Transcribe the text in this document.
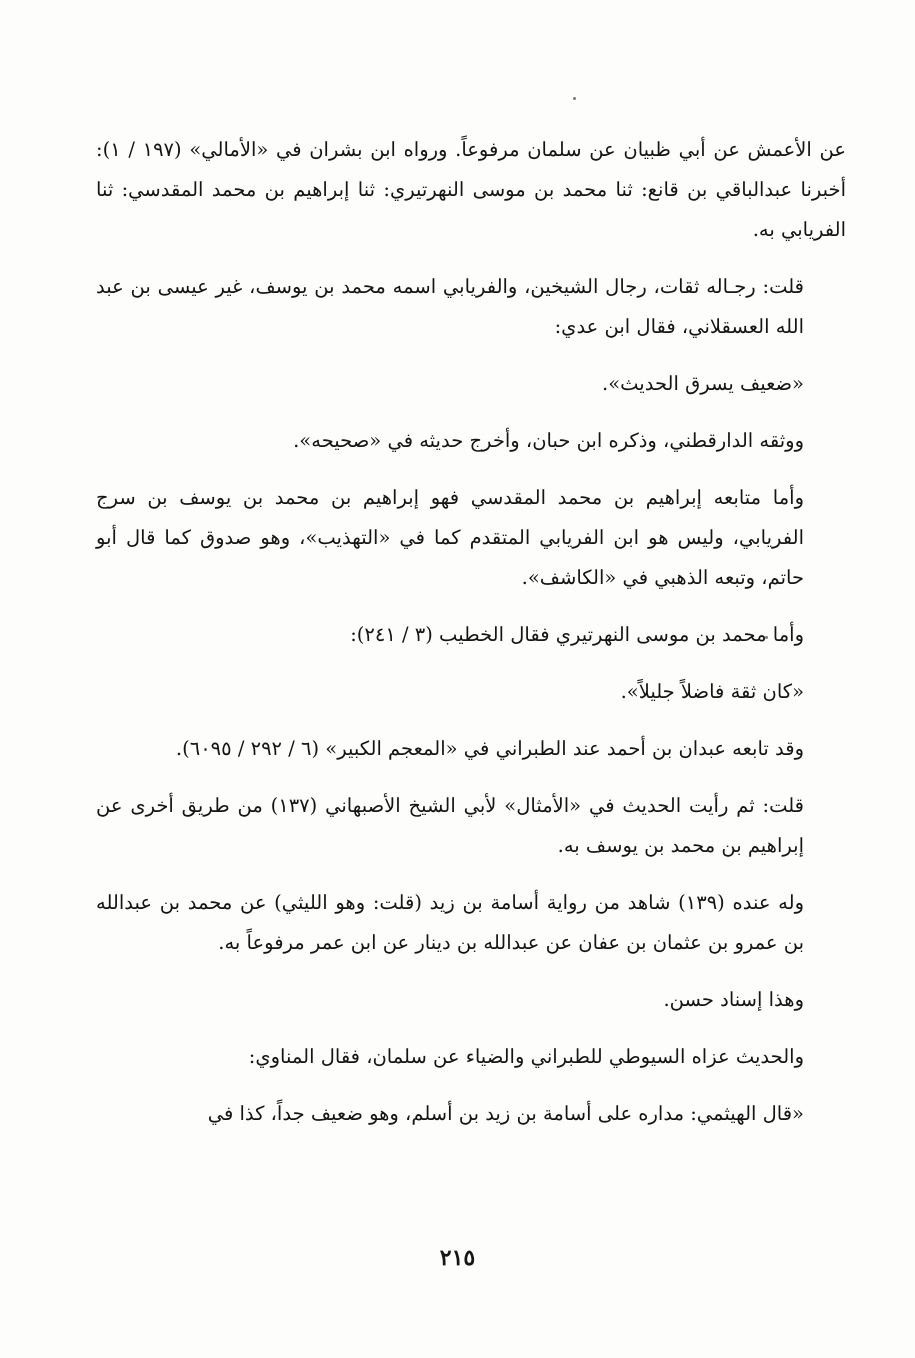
عن الأعمش عن أبي ظبيان عن سلمان مرفوعاً. ورواه ابن بشران في «الأمالي» (١٩٧ / ١): أخبرنا عبدالباقي بن قانع: ثنا محمد بن موسى النهرتيري: ثنا إبراهيم بن محمد المقدسي: ثنا الفريابي به.

قلت: رجـاله ثقات، رجال الشيخين، والفريابي اسمه محمد بن يوسف، غير عيسى بن عبد الله العسقلاني، فقال ابن عدي:

«ضعيف يسرق الحديث».

ووثقه الدارقطني، وذكره ابن حبان، وأخرج حديثه في «صحيحه».

وأما متابعه إبراهيم بن محمد المقدسي فهو إبراهيم بن محمد بن يوسف بن سرج الفريابي، وليس هو ابن الفريابي المتقدم كما في «التهذيب»، وهو صدوق كما قال أبو حاتم، وتبعه الذهبي في «الكاشف».

وأما محمد بن موسى النهرتيري فقال الخطيب (٣ / ٢٤١):

«كان ثقة فاضلاً جليلاً».

وقد تابعه عبدان بن أحمد عند الطبراني في «المعجم الكبير» (٦ / ٢٩٢ / ٦٠٩٥).

قلت: ثم رأيت الحديث في «الأمثال» لأبي الشيخ الأصبهاني (١٣٧) من طريق أخرى عن إبراهيم بن محمد بن يوسف به.

وله عنده (١٣٩) شاهد من رواية أسامة بن زيد (قلت: وهو الليثي) عن محمد بن عبدالله بن عمرو بن عثمان بن عفان عن عبدالله بن دينار عن ابن عمر مرفوعاً به.

وهذا إسناد حسن.

والحديث عزاه السيوطي للطبراني والضياء عن سلمان، فقال المناوي:

«قال الهيثمي: مداره على أسامة بن زيد بن أسلم، وهو ضعيف جداً، كذا في

٢١٥
